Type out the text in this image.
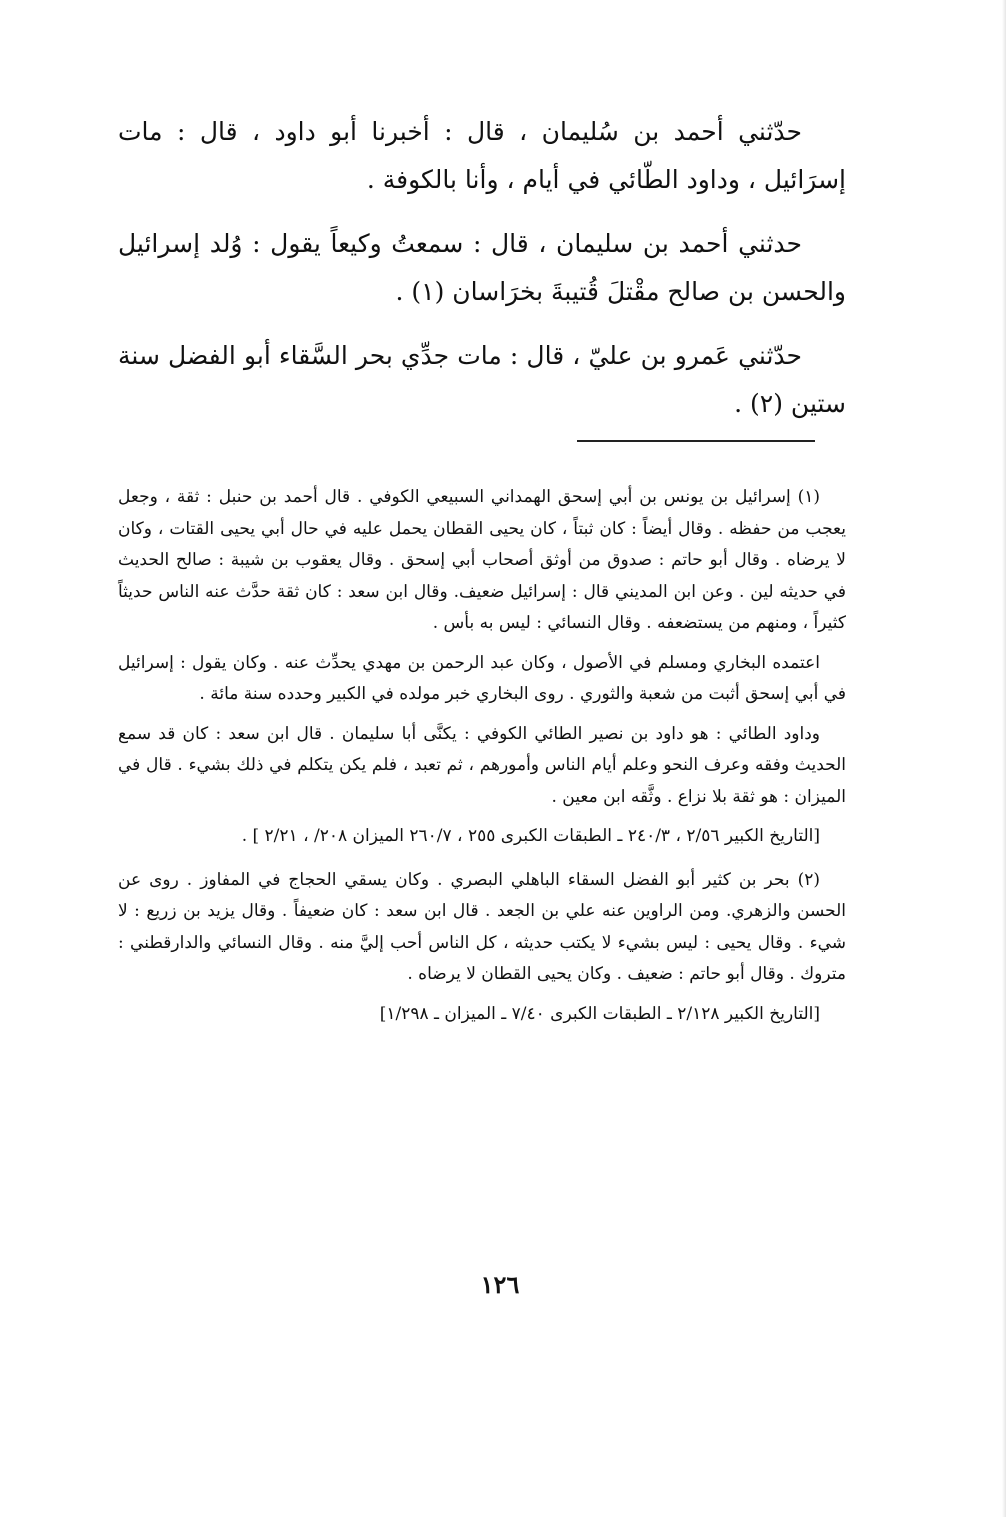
حدّثني أحمد بن سُليمان ، قال : أخبرنا أبو داود ، قال : مات إسرَائيل ، وداود الطّائي في أيام ، وأنا بالكوفة .

حدثني أحمد بن سليمان ، قال : سمعتُ وكيعاً يقول : وُلد إسرائيل والحسن بن صالح مقْتلَ قُتيبةَ بخرَاسان (١) .

حدّثني عَمرو بن عليّ ، قال : مات جدِّي بحر السَّقاء أبو الفضل سنة ستين (٢) .

(١) إسرائيل بن يونس بن أبي إسحق الهمداني السبيعي الكوفي . قال أحمد بن حنبل : ثقة ، وجعل يعجب من حفظه . وقال أيضاً : كان ثبتاً ، كان يحيى القطان يحمل عليه في حال أبي يحيى القتات ، وكان لا يرضاه . وقال أبو حاتم : صدوق من أوثق أصحاب أبي إسحق . وقال يعقوب بن شيبة : صالح الحديث في حديثه لين . وعن ابن المديني قال : إسرائيل ضعيف. وقال ابن سعد : كان ثقة حدَّث عنه الناس حديثاً كثيراً ، ومنهم من يستضعفه . وقال النسائي : ليس به بأس .

اعتمده البخاري ومسلم في الأصول ، وكان عبد الرحمن بن مهدي يحدِّث عنه . وكان يقول : إسرائيل في أبي إسحق أثبت من شعبة والثوري . روى البخاري خبر مولده في الكبير وحدده سنة مائة .

وداود الطائي : هو داود بن نصير الطائي الكوفي : يكنَّى أبا سليمان . قال ابن سعد : كان قد سمع الحديث وفقه وعرف النحو وعلم أيام الناس وأمورهم ، ثم تعبد ، فلم يكن يتكلم في ذلك بشيء . قال في الميزان : هو ثقة بلا نزاع . وثَّقه ابن معين .

[التاريخ الكبير ٢/٥٦ ، ٢٤٠/٣ ـ الطبقات الكبرى ٢٥٥ ، ٢٦٠/٧ الميزان ٢٠٨/ ، ٢/٢١ ] .

(٢) بحر بن كثير أبو الفضل السقاء الباهلي البصري . وكان يسقي الحجاج في المفاوز . روى عن الحسن والزهري. ومن الراوين عنه علي بن الجعد . قال ابن سعد : كان ضعيفاً . وقال يزيد بن زريع : لا شيء . وقال يحيى : ليس بشيء لا يكتب حديثه ، كل الناس أحب إليَّ منه . وقال النسائي والدارقطني : متروك . وقال أبو حاتم : ضعيف . وكان يحيى القطان لا يرضاه .

[التاريخ الكبير ٢/١٢٨ ـ الطبقات الكبرى ٧/٤٠ ـ الميزان ـ ١/٢٩٨]

١٢٦
